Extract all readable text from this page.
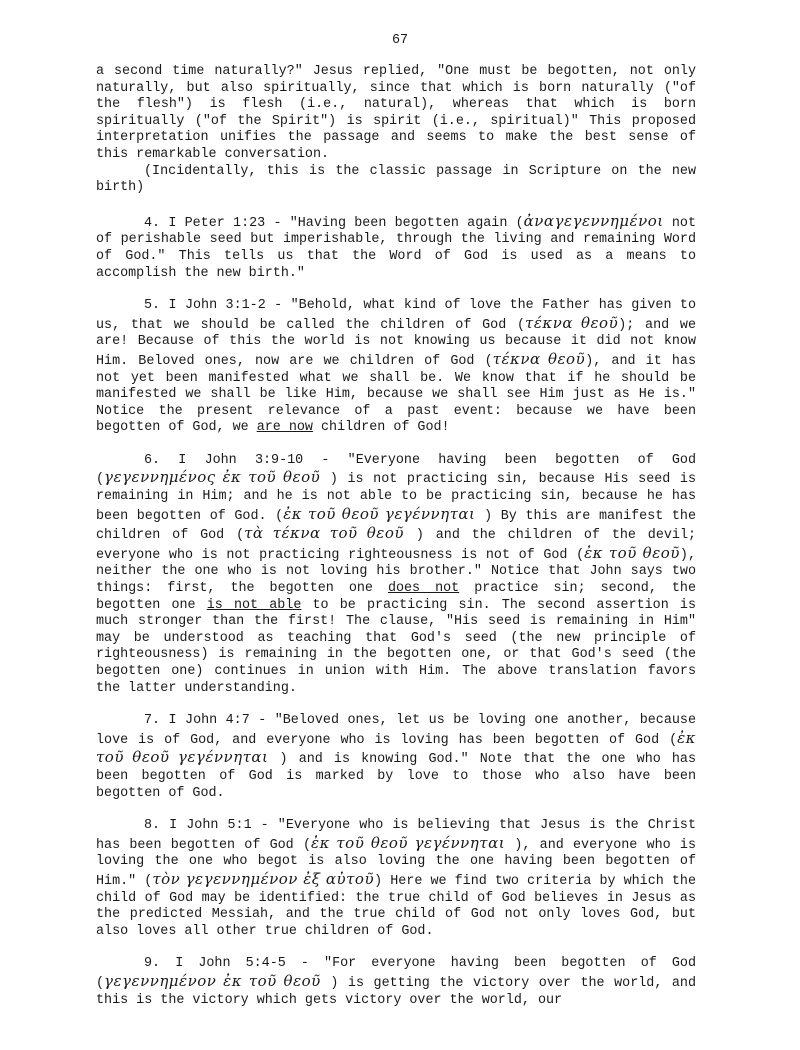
67

a second time naturally?" Jesus replied, "One must be begotten, not only naturally, but also spiritually, since that which is born naturally ("of the flesh") is flesh (i.e., natural), whereas that which is born spiritually ("of the Spirit") is spirit (i.e., spiritual)" This proposed interpretation unifies the passage and seems to make the best sense of this remarkable conversation.

(Incidentally, this is the classic passage in Scripture on the new birth)

4. I Peter 1:23 - "Having been begotten again (ἀναγεγεννημένοι not of perishable seed but imperishable, through the living and remaining Word of God." This tells us that the Word of God is used as a means to accomplish the new birth."

5. I John 3:1-2 - "Behold, what kind of love the Father has given to us, that we should be called the children of God (τέκνα θεοῦ); and we are! Because of this the world is not knowing us because it did not know Him. Beloved ones, now are we children of God (τέκνα θεοῦ), and it has not yet been manifested what we shall be. We know that if he should be manifested we shall be like Him, because we shall see Him just as He is." Notice the present relevance of a past event: because we have been begotten of God, we are now children of God!

6. I John 3:9-10 - "Everyone having been begotten of God (γεγεννημένος ἐκ τοῦ θεοῦ ) is not practicing sin, because His seed is remaining in Him; and he is not able to be practicing sin, because he has been begotten of God. (ἐκ τοῦ θεοῦ γεγέννηται ) By this are manifest the children of God (τὰ τέκνα τοῦ θεοῦ ) and the children of the devil; everyone who is not practicing righteousness is not of God (ἐκ τοῦ θεοῦ), neither the one who is not loving his brother." Notice that John says two things: first, the begotten one does not practice sin; second, the begotten one is not able to be practicing sin. The second assertion is much stronger than the first! The clause, "His seed is remaining in Him" may be understood as teaching that God's seed (the new principle of righteousness) is remaining in the begotten one, or that God's seed (the begotten one) continues in union with Him. The above translation favors the latter understanding.

7. I John 4:7 - "Beloved ones, let us be loving one another, because love is of God, and everyone who is loving has been begotten of God (ἐκ τοῦ θεοῦ γεγέννηται ) and is knowing God." Note that the one who has been begotten of God is marked by love to those who also have been begotten of God.

8. I John 5:1 - "Everyone who is believing that Jesus is the Christ has been begotten of God (ἐκ τοῦ θεοῦ γεγέννηται ), and everyone who is loving the one who begot is also loving the one having been begotten of Him." (τὸν γεγεννημένον ἐξ αὐτοῦ) Here we find two criteria by which the child of God may be identified: the true child of God believes in Jesus as the predicted Messiah, and the true child of God not only loves God, but also loves all other true children of God.

9. I John 5:4-5 - "For everyone having been begotten of God (γεγεννημένον ἐκ τοῦ θεοῦ ) is getting the victory over the world, and this is the victory which gets victory over the world, our
